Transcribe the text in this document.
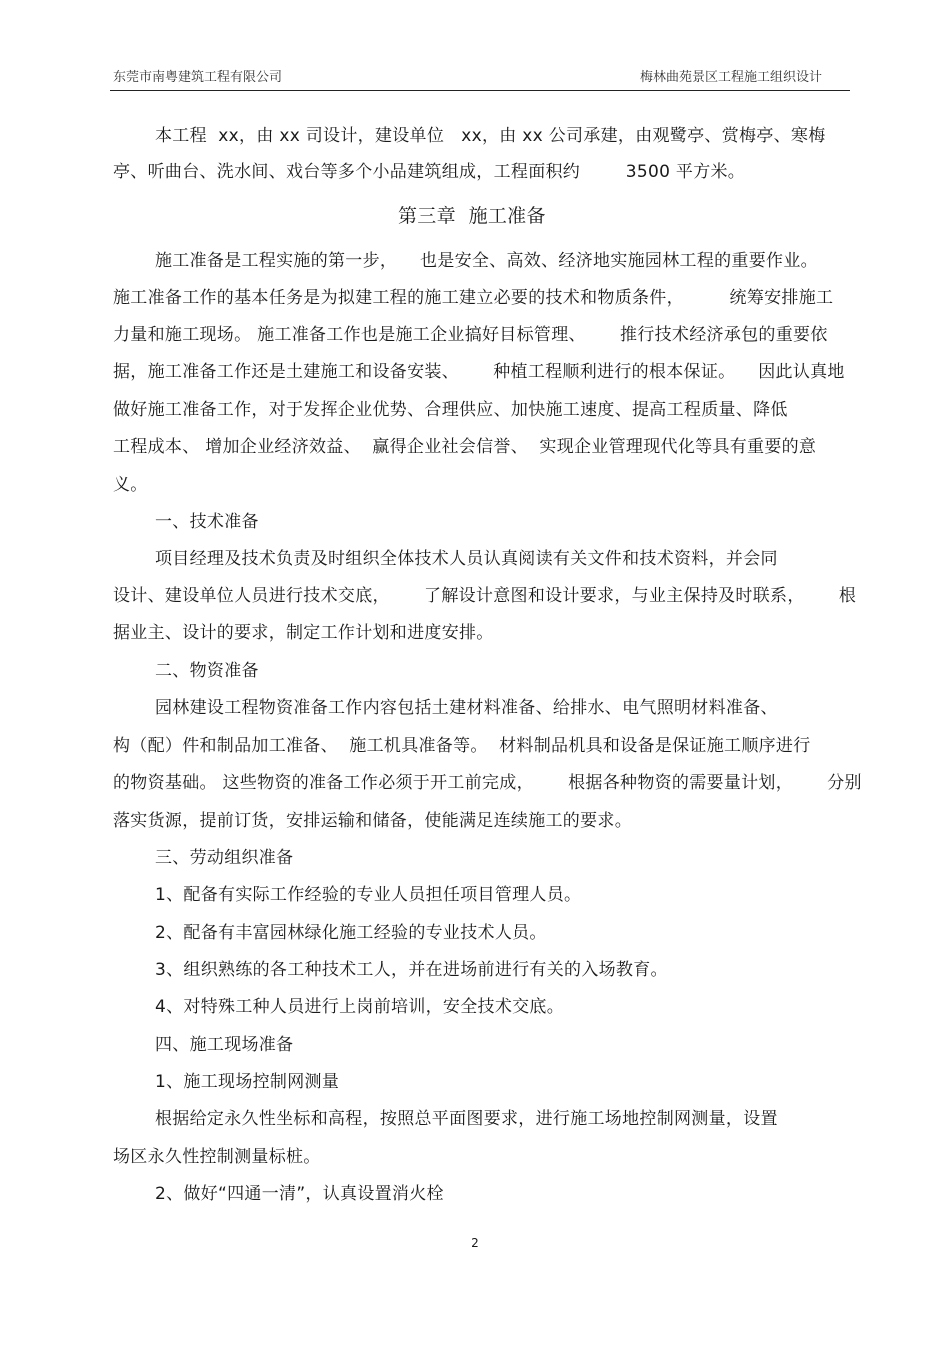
东莞市南粤建筑工程有限公司	梅林曲苑景区工程施工组织设计
本工程  xx，由 xx 司设计，建设单位   xx，由 xx 公司承建，由观鹭亭、赏梅亭、寒梅
亭、听曲台、洗水间、戏台等多个小品建筑组成，工程面积约        3500 平方米。
第三章  施工准备
施工准备是工程实施的第一步，    也是安全、高效、经济地实施园林工程的重要作业。
施工准备工作的基本任务是为拟建工程的施工建立必要的技术和物质条件，        统筹安排施工
力量和施工现场。 施工准备工作也是施工企业搞好目标管理、      推行技术经济承包的重要依
据，施工准备工作还是土建施工和设备安装、      种植工程顺利进行的根本保证。    因此认真地
做好施工准备工作，对于发挥企业优势、合理供应、加快施工速度、提高工程质量、降低
工程成本、 增加企业经济效益、  赢得企业社会信誉、  实现企业管理现代化等具有重要的意
义。
一、技术准备
项目经理及技术负责及时组织全体技术人员认真阅读有关文件和技术资料，并会同
设计、建设单位人员进行技术交底，      了解设计意图和设计要求，与业主保持及时联系，      根
据业主、设计的要求，制定工作计划和进度安排。
二、物资准备
园林建设工程物资准备工作内容包括土建材料准备、给排水、电气照明材料准备、
构（配）件和制品加工准备、  施工机具准备等。  材料制品机具和设备是保证施工顺序进行
的物资基础。 这些物资的准备工作必须于开工前完成，      根据各种物资的需要量计划，      分别
落实货源，提前订货，安排运输和储备，使能满足连续施工的要求。
三、劳动组织准备
1、配备有实际工作经验的专业人员担任项目管理人员。
2、配备有丰富园林绿化施工经验的专业技术人员。
3、组织熟练的各工种技术工人，并在进场前进行有关的入场教育。
4、对特殊工种人员进行上岗前培训，安全技术交底。
四、施工现场准备
1、施工现场控制网测量
根据给定永久性坐标和高程，按照总平面图要求，进行施工场地控制网测量，设置
场区永久性控制测量标桩。
2、做好“四通一清”，认真设置消火栓
2
